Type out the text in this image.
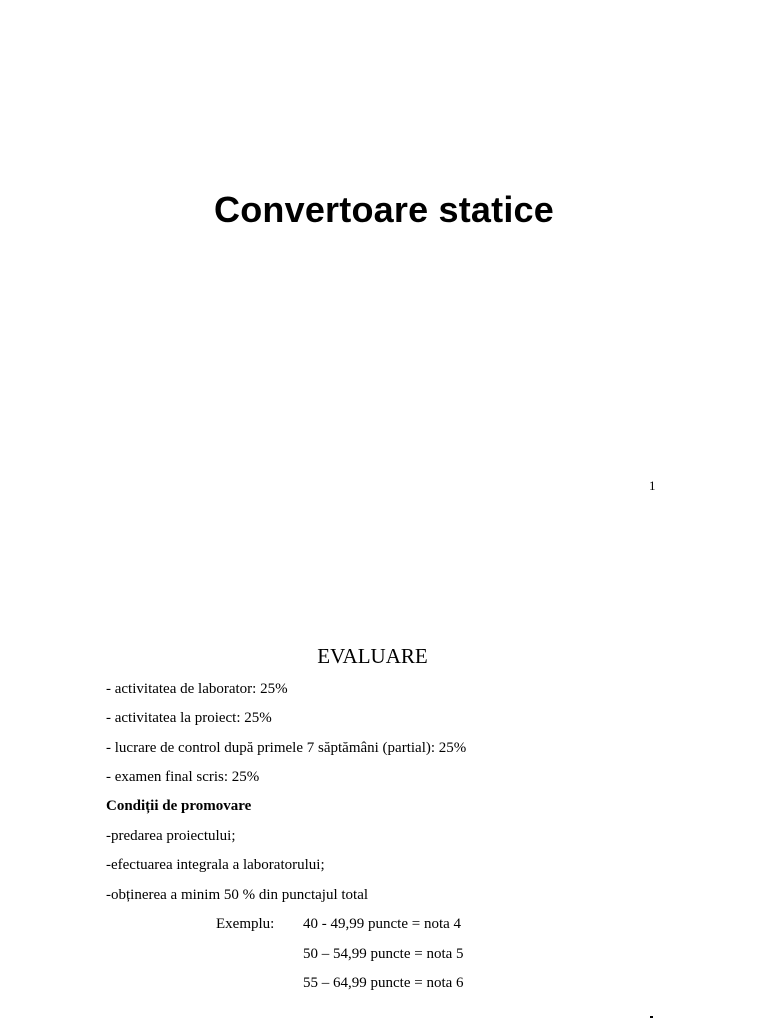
Convertoare statice
1
EVALUARE
- activitatea de laborator: 25%
- activitatea la proiect: 25%
- lucrare de control după primele 7 săptămâni (partial): 25%
- examen final scris: 25%
Condiții de promovare
-predarea proiectului;
-efectuarea integrala a laboratorului;
-obținerea a minim 50 % din punctajul total
Exemplu: 40 - 49,99 puncte = nota 4
50 – 54,99 puncte = nota 5
55 – 64,99 puncte = nota 6
